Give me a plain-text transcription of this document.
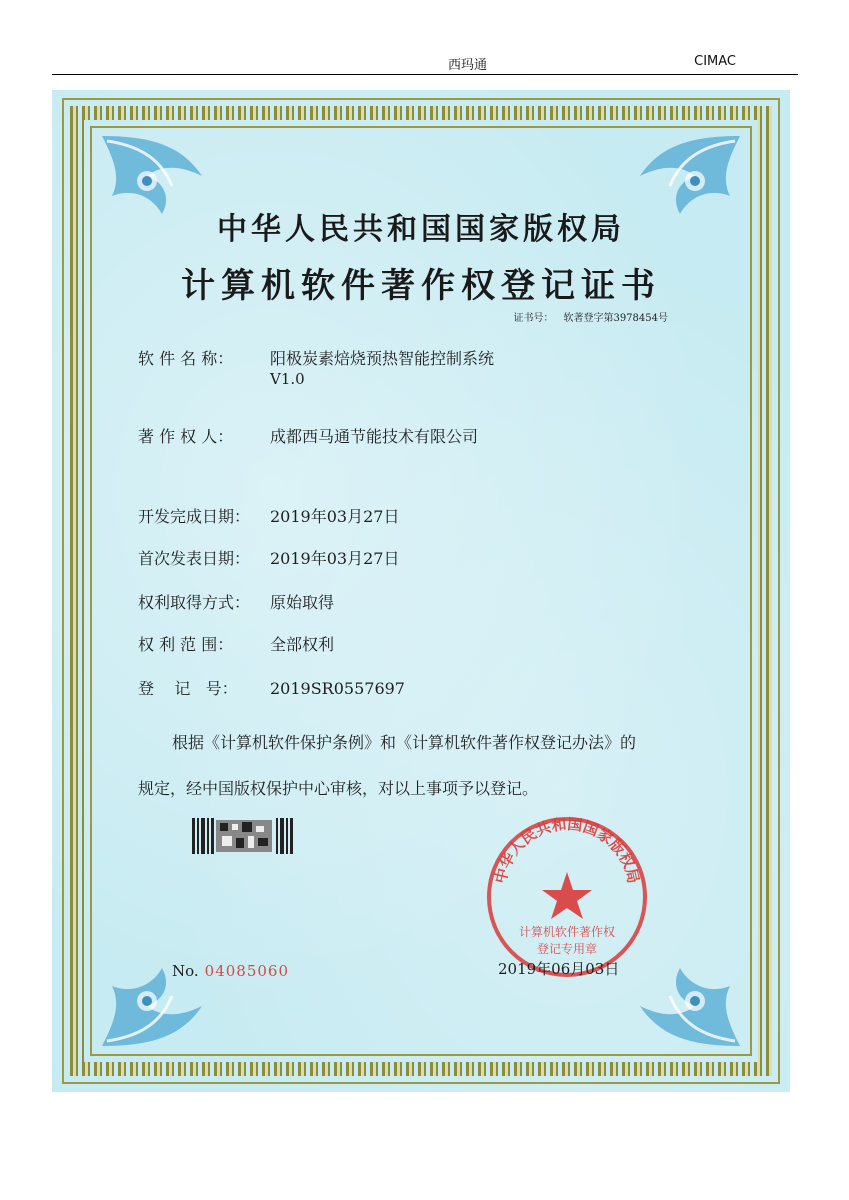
西玛通	CIMAC
中华人民共和国国家版权局
计算机软件著作权登记证书
证书号： 软著登字第3978454号
软 件 名 称： 阳极炭素焙烧预热智能控制系统
V1.0
著 作 权 人： 成都西马通节能技术有限公司
开发完成日期： 2019年03月27日
首次发表日期： 2019年03月27日
权利取得方式： 原始取得
权 利 范 围： 全部权利
登    记   号： 2019SR0557697
根据《计算机软件保护条例》和《计算机软件著作权登记办法》的
规定，经中国版权保护中心审核，对以上事项予以登记。
中华人民共和国国家版权局
计算机软件著作权
登记专用章
No. 04085060	2019年06月03日
